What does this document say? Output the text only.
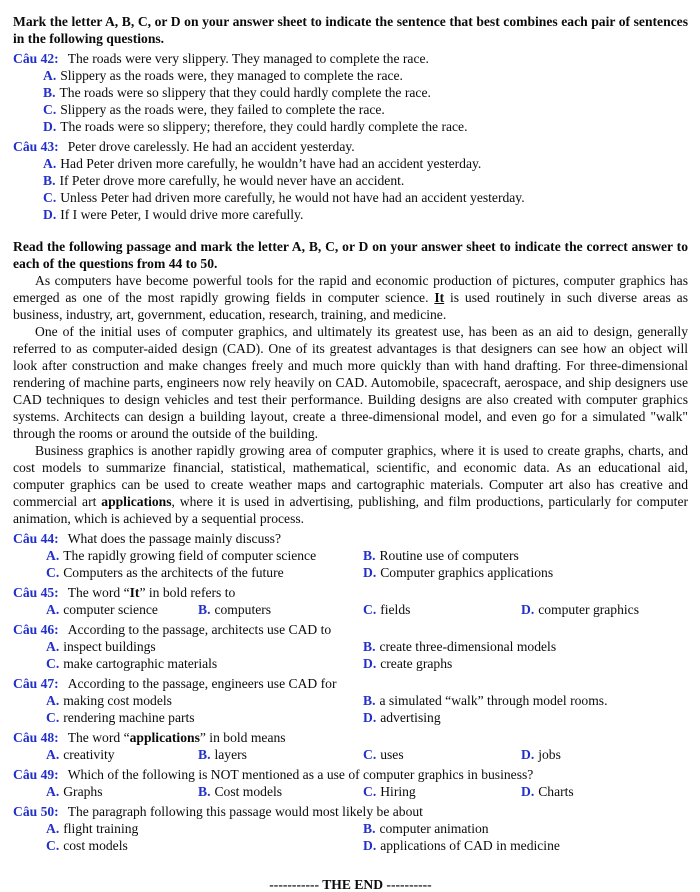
Mark the letter A, B, C, or D on your answer sheet to indicate the sentence that best combines each pair of sentences in the following questions.
Câu 42: The roads were very slippery. They managed to complete the race.
A. Slippery as the roads were, they managed to complete the race.
B. The roads were so slippery that they could hardly complete the race.
C. Slippery as the roads were, they failed to complete the race.
D. The roads were so slippery; therefore, they could hardly complete the race.
Câu 43: Peter drove carelessly. He had an accident yesterday.
A. Had Peter driven more carefully, he wouldn’t have had an accident yesterday.
B. If Peter drove more carefully, he would never have an accident.
C. Unless Peter had driven more carefully, he would not have had an accident yesterday.
D. If I were Peter, I would drive more carefully.
Read the following passage and mark the letter A, B, C, or D on your answer sheet to indicate the correct answer to each of the questions from 44 to 50.

As computers have become powerful tools for the rapid and economic production of pictures, computer graphics has emerged as one of the most rapidly growing fields in computer science. It is used routinely in such diverse areas as business, industry, art, government, education, research, training, and medicine.

One of the initial uses of computer graphics, and ultimately its greatest use, has been as an aid to design, generally referred to as computer-aided design (CAD). One of its greatest advantages is that designers can see how an object will look after construction and make changes freely and much more quickly than with hand drafting. For three-dimensional rendering of machine parts, engineers now rely heavily on CAD. Automobile, spacecraft, aerospace, and ship designers use CAD techniques to design vehicles and test their performance. Building designs are also created with computer graphics systems. Architects can design a building layout, create a three-dimensional model, and even go for a simulated "walk" through the rooms or around the outside of the building.

Business graphics is another rapidly growing area of computer graphics, where it is used to create graphs, charts, and cost models to summarize financial, statistical, mathematical, scientific, and economic data. As an educational aid, computer graphics can be used to create weather maps and cartographic materials. Computer art also has creative and commercial art applications, where it is used in advertising, publishing, and film productions, particularly for computer animation, which is achieved by a sequential process.

Câu 44: What does the passage mainly discuss?
A. The rapidly growing field of computer science	B. Routine use of computers
C. Computers as the architects of the future	D. Computer graphics applications
Câu 45: The word “It” in bold refers to
A. computer science	B. computers	C. fields	D. computer graphics
Câu 46: According to the passage, architects use CAD to
A. inspect buildings	B. create three-dimensional models
C. make cartographic materials	D. create graphs
Câu 47: According to the passage, engineers use CAD for
A. making cost models	B. a simulated “walk” through model rooms.
C. rendering machine parts	D. advertising
Câu 48: The word “applications” in bold means
A. creativity	B. layers	C. uses	D. jobs
Câu 49: Which of the following is NOT mentioned as a use of computer graphics in business?
A. Graphs	B. Cost models	C. Hiring	D. Charts
Câu 50: The paragraph following this passage would most likely be about
A. flight training	B. computer animation
C. cost models	D. applications of CAD in medicine
----------- THE END ----------
